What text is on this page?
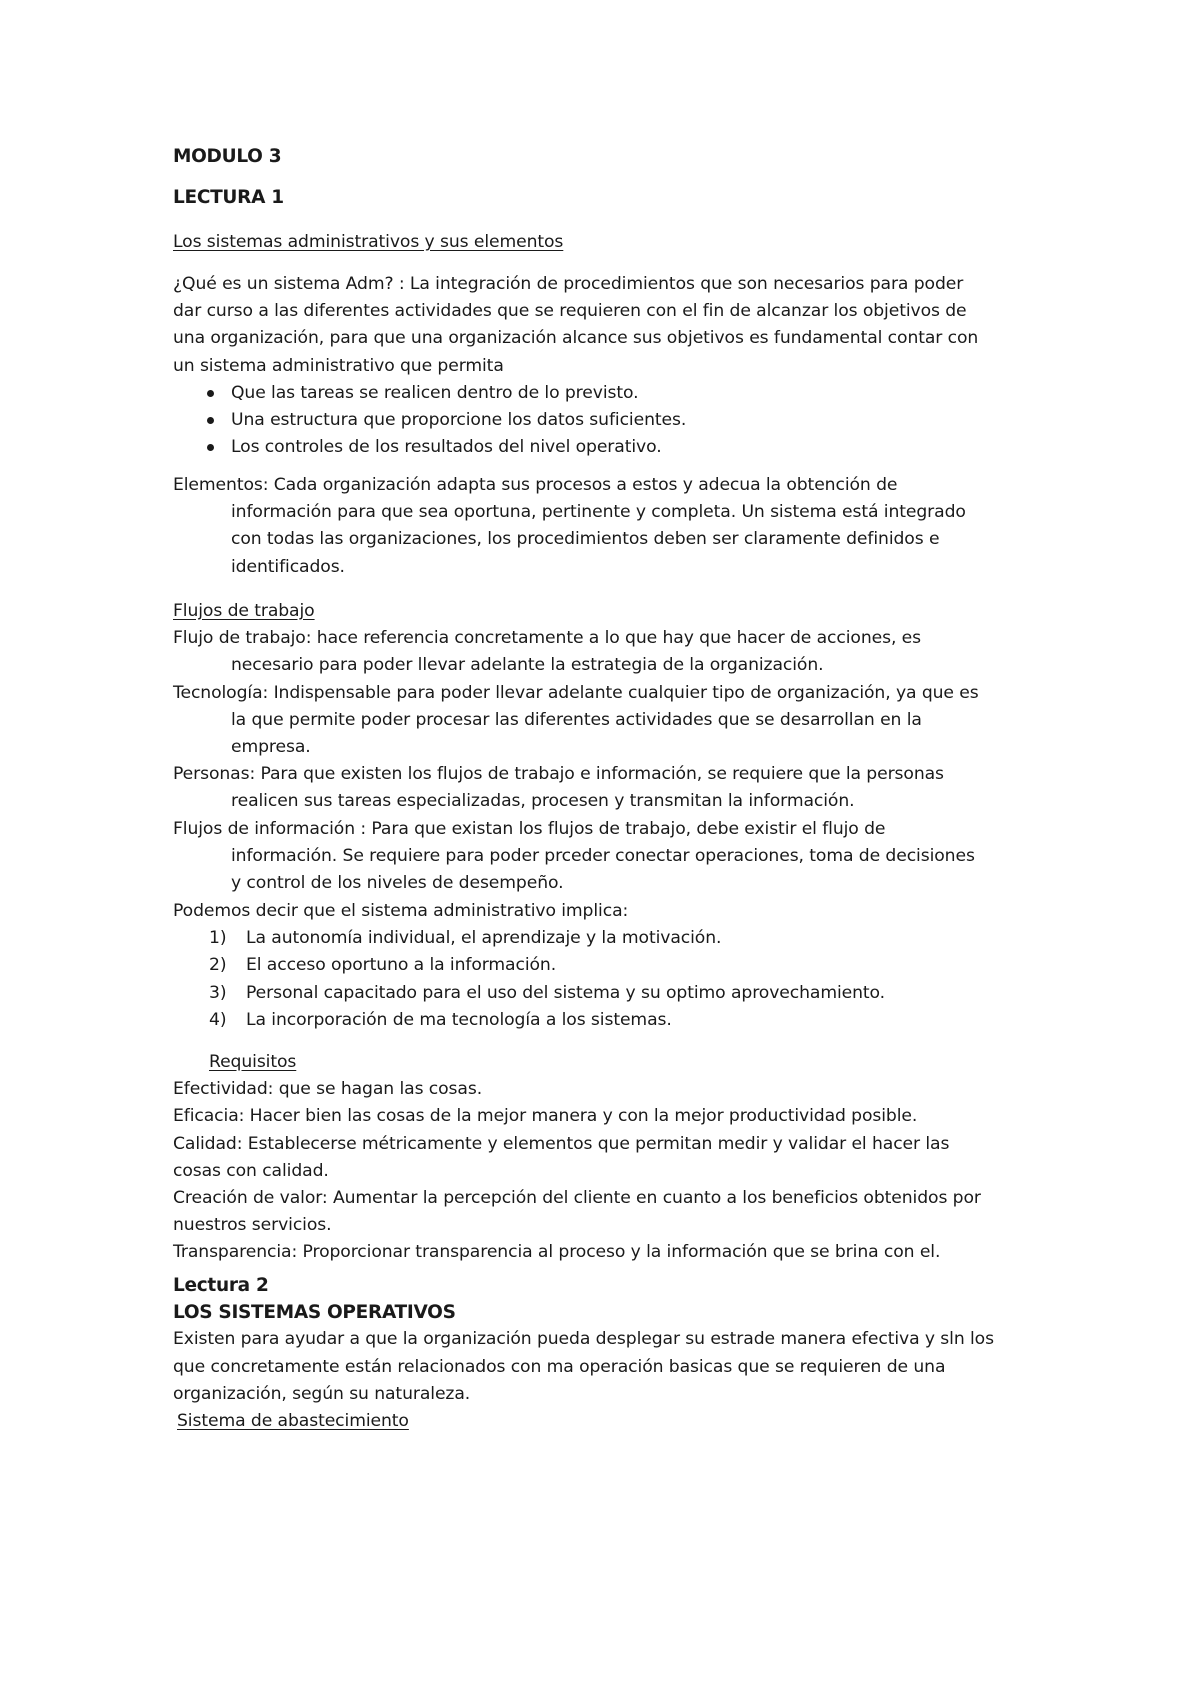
MODULO 3
LECTURA 1
Los sistemas administrativos y sus elementos
¿Qué es un sistema Adm? : La integración de procedimientos que son necesarios para poder
dar curso a las diferentes actividades que se requieren con el fin de alcanzar los objetivos de
una organización, para que una organización alcance sus objetivos es fundamental contar con
un sistema administrativo que permita
Que las tareas se realicen dentro de lo previsto.
Una estructura que proporcione los datos suficientes.
Los controles de los resultados del nivel operativo.
Elementos: Cada organización adapta sus procesos a estos y adecua la obtención de
información para que sea oportuna, pertinente y completa. Un sistema está integrado
con todas las organizaciones, los procedimientos deben ser claramente definidos e
identificados.
Flujos de trabajo
Flujo de trabajo: hace referencia concretamente a lo que hay que hacer de acciones, es
necesario para poder llevar adelante la estrategia de la organización.
Tecnología: Indispensable para poder llevar adelante cualquier tipo de organización, ya que es
la que permite poder procesar las diferentes actividades que se desarrollan en la
empresa.
Personas: Para que existen los flujos de trabajo e información, se requiere que la personas
realicen sus tareas especializadas, procesen y transmitan la información.
Flujos de información : Para que existan los flujos de trabajo, debe existir el flujo de
información. Se requiere para poder prceder conectar operaciones, toma de decisiones
y control de los niveles de desempeño.
Podemos decir que el sistema administrativo implica:
1) La autonomía individual, el aprendizaje y la motivación.
2) El acceso oportuno a la información.
3) Personal capacitado para el uso del sistema y su optimo aprovechamiento.
4) La incorporación de ma tecnología a los sistemas.
Requisitos
Efectividad: que se hagan las cosas.
Eficacia: Hacer bien las cosas de la mejor manera y con la mejor productividad posible.
Calidad: Establecerse métricamente y elementos que permitan medir y validar el hacer las
cosas con calidad.
Creación de valor: Aumentar la percepción del cliente en cuanto a los beneficios obtenidos por
nuestros servicios.
Transparencia: Proporcionar transparencia al proceso y la información que se brina con el.
Lectura 2
LOS SISTEMAS OPERATIVOS
Existen para ayudar a que la organización pueda desplegar su estrade manera efectiva y sln los
que concretamente están relacionados con ma operación basicas que se requieren de una
organización, según su naturaleza.
Sistema de abastecimiento
